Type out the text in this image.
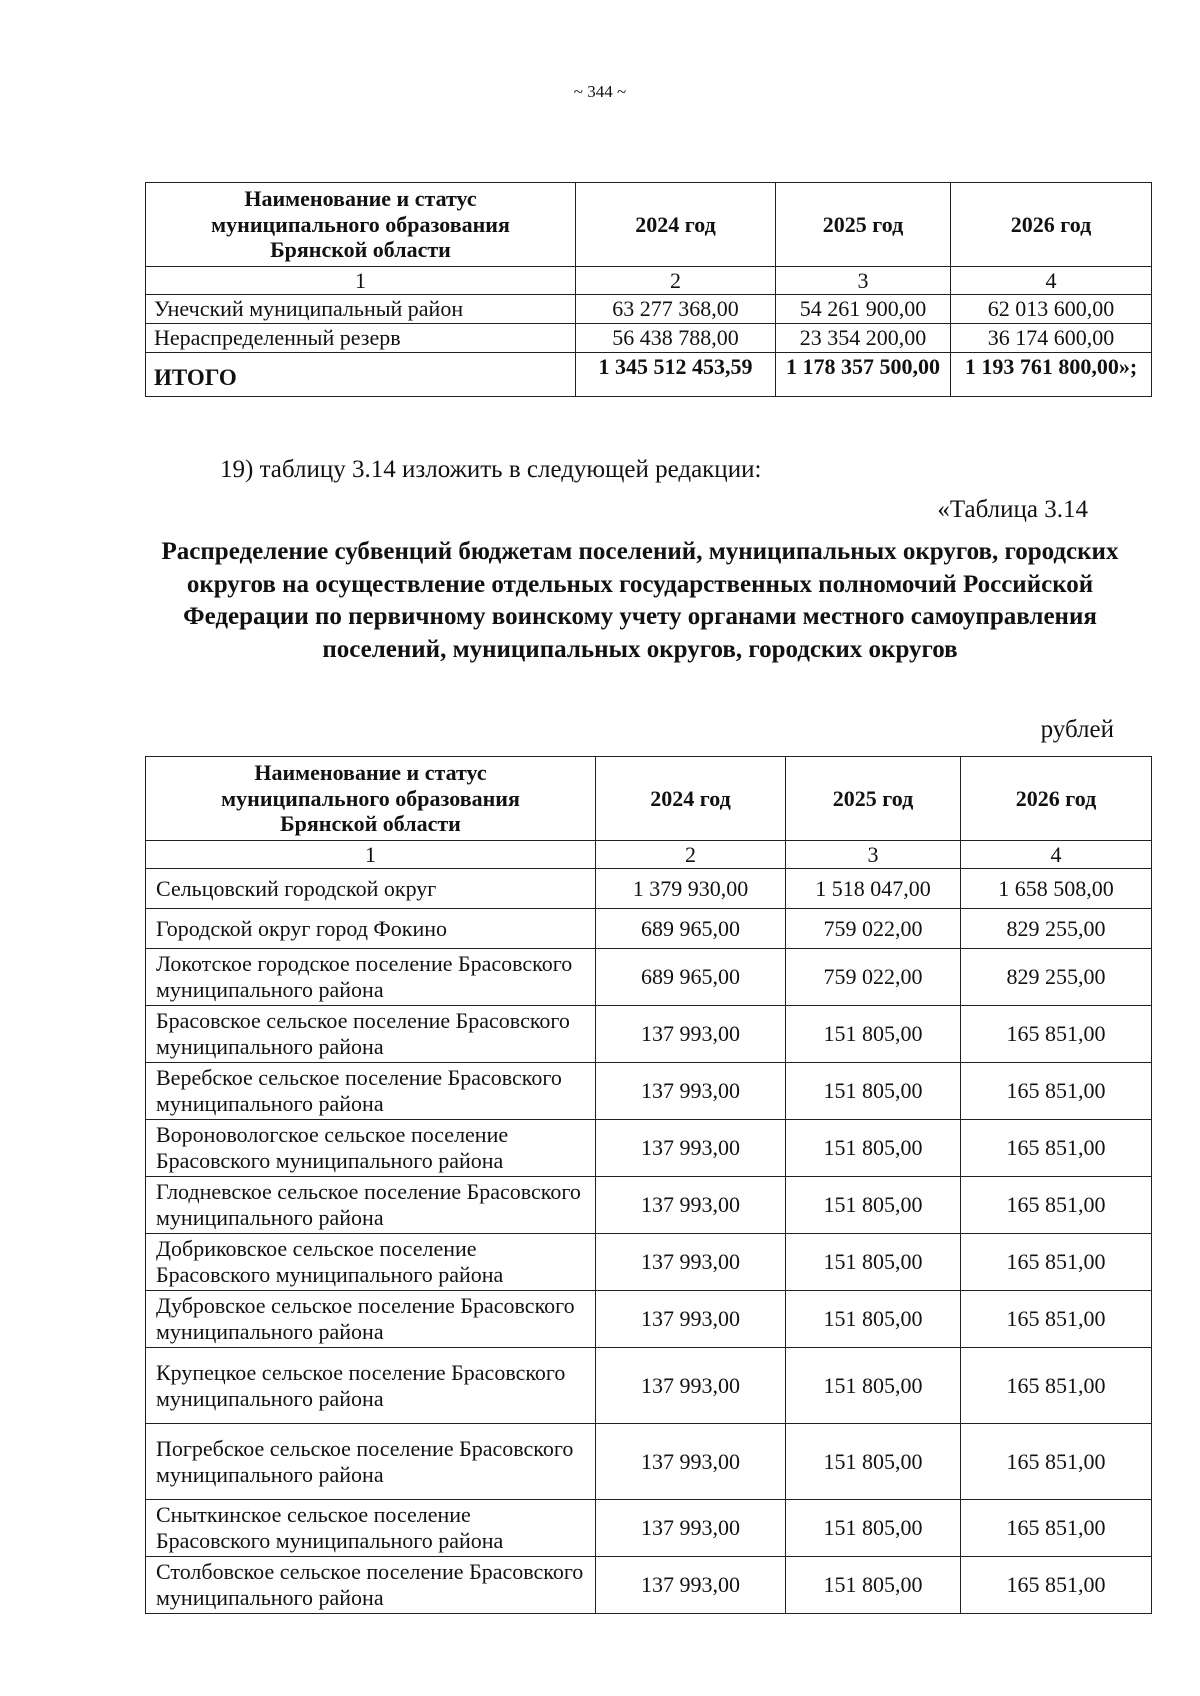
~ 344 ~
Наименование и статус муниципального образования Брянской области	2024 год	2025 год	2026 год
1	2	3	4
Унечский муниципальный район	63 277 368,00	54 261 900,00	62 013 600,00
Нераспределенный резерв	56 438 788,00	23 354 200,00	36 174 600,00
ИТОГО	1 345 512 453,59	1 178 357 500,00	1 193 761 800,00»;
19) таблицу 3.14 изложить в следующей редакции:
«Таблица 3.14
Распределение субвенций бюджетам поселений, муниципальных округов, городских округов на осуществление отдельных государственных полномочий Российской Федерации по первичному воинскому учету органами местного самоуправления поселений, муниципальных округов, городских округов
рублей
Наименование и статус муниципального образования Брянской области	2024 год	2025 год	2026 год
1	2	3	4
Сельцовский городской округ	1 379 930,00	1 518 047,00	1 658 508,00
Городской округ город Фокино	689 965,00	759 022,00	829 255,00
Локотское городское поселение Брасовского муниципального района	689 965,00	759 022,00	829 255,00
Брасовское сельское поселение Брасовского муниципального района	137 993,00	151 805,00	165 851,00
Веребское сельское поселение Брасовского муниципального района	137 993,00	151 805,00	165 851,00
Вороновологское сельское поселение Брасовского муниципального района	137 993,00	151 805,00	165 851,00
Глодневское сельское поселение Брасовского муниципального района	137 993,00	151 805,00	165 851,00
Добриковское сельское поселение Брасовского муниципального района	137 993,00	151 805,00	165 851,00
Дубровское сельское поселение Брасовского муниципального района	137 993,00	151 805,00	165 851,00
Крупецкое сельское поселение Брасовского муниципального района	137 993,00	151 805,00	165 851,00
Погребское сельское поселение Брасовского муниципального района	137 993,00	151 805,00	165 851,00
Сныткинское сельское поселение Брасовского муниципального района	137 993,00	151 805,00	165 851,00
Столбовское сельское поселение Брасовского муниципального района	137 993,00	151 805,00	165 851,00
